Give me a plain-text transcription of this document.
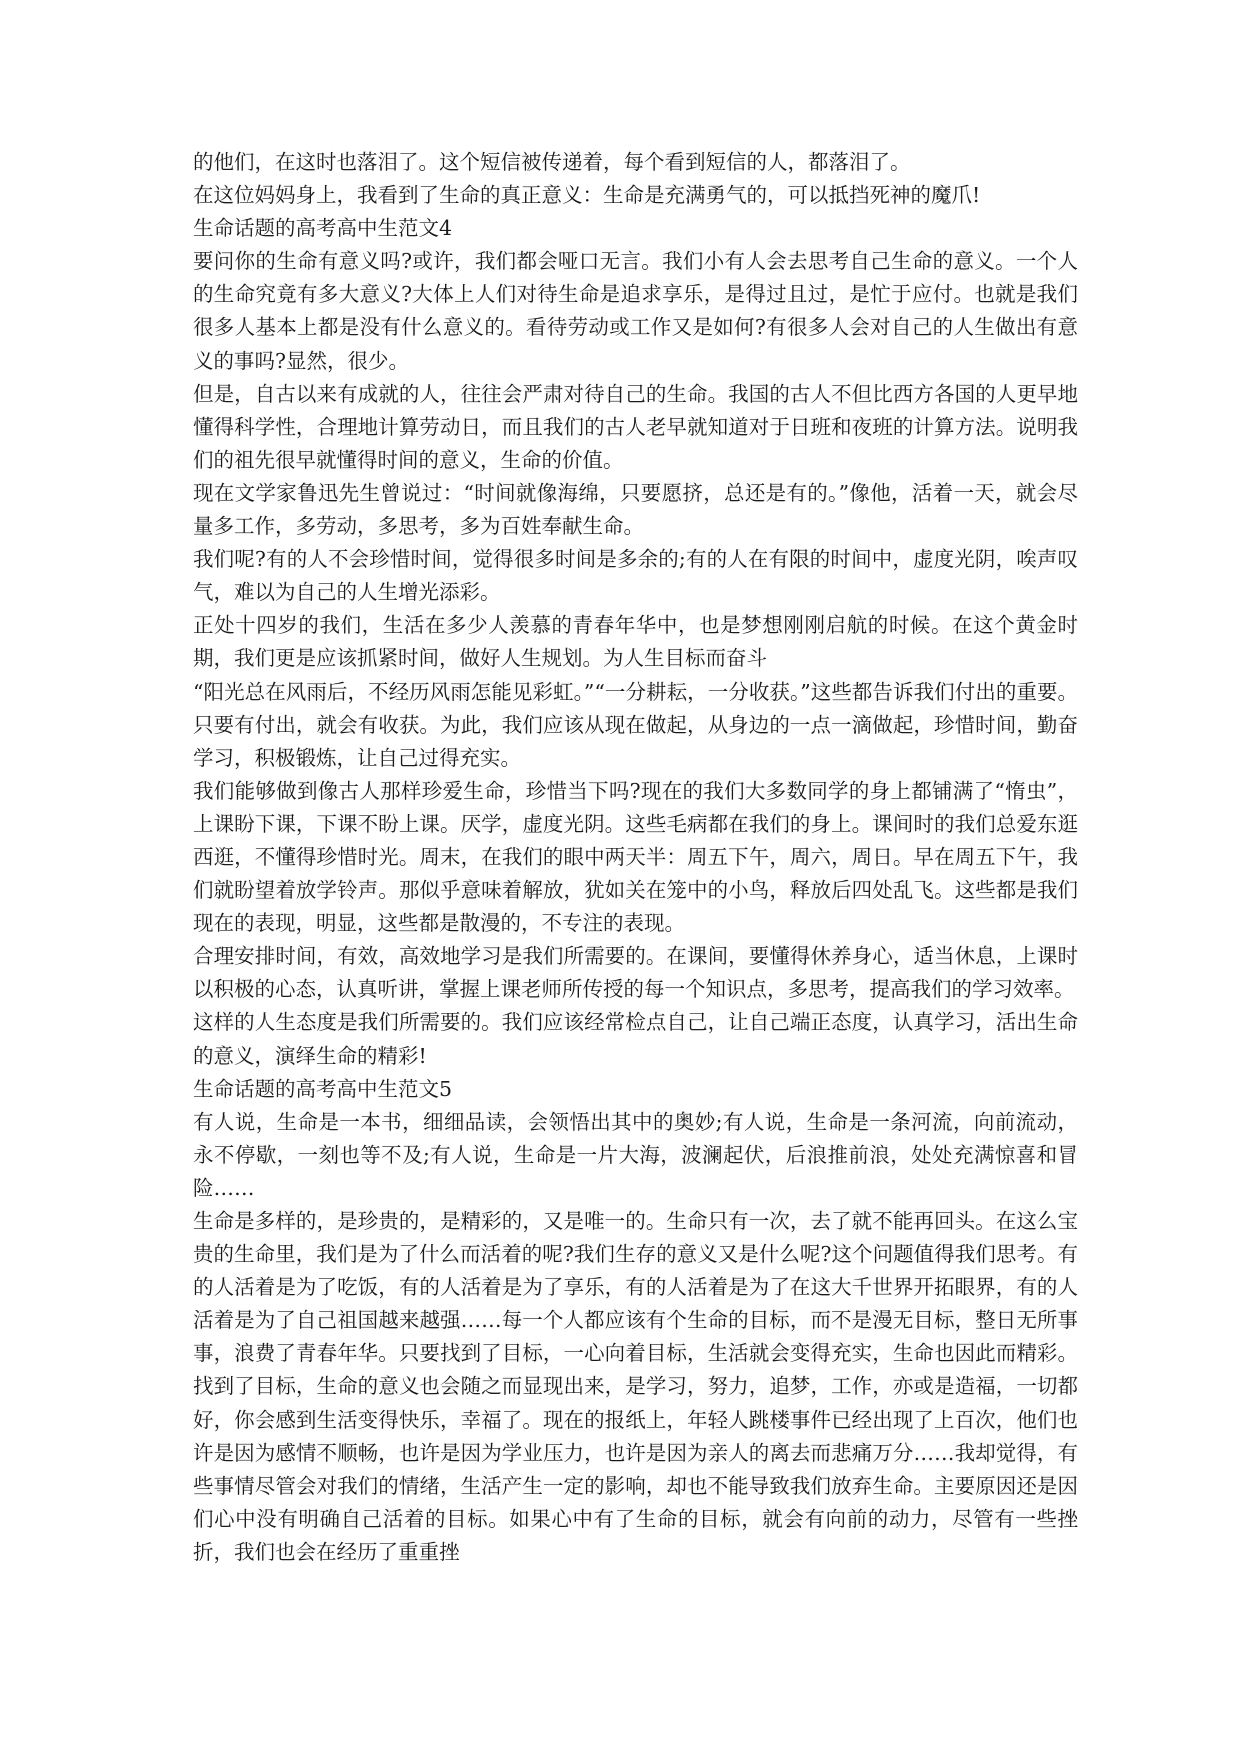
的他们，在这时也落泪了。这个短信被传递着，每个看到短信的人，都落泪了。

在这位妈妈身上，我看到了生命的真正意义：生命是充满勇气的，可以抵挡死神的魔爪!

生命话题的高考高中生范文4

要问你的生命有意义吗?或许，我们都会哑口无言。我们小有人会去思考自己生命的意义。一个人的生命究竟有多大意义?大体上人们对待生命是追求享乐，是得过且过，是忙于应付。也就是我们很多人基本上都是没有什么意义的。看待劳动或工作又是如何?有很多人会对自己的人生做出有意义的事吗?显然，很少。

但是，自古以来有成就的人，往往会严肃对待自己的生命。我国的古人不但比西方各国的人更早地懂得科学性，合理地计算劳动日，而且我们的古人老早就知道对于日班和夜班的计算方法。说明我们的祖先很早就懂得时间的意义，生命的价值。

现在文学家鲁迅先生曾说过：“时间就像海绵，只要愿挤，总还是有的。”像他，活着一天，就会尽量多工作，多劳动，多思考，多为百姓奉献生命。

我们呢?有的人不会珍惜时间，觉得很多时间是多余的;有的人在有限的时间中，虚度光阴，唉声叹气，难以为自己的人生增光添彩。

正处十四岁的我们，生活在多少人羡慕的青春年华中，也是梦想刚刚启航的时候。在这个黄金时期，我们更是应该抓紧时间，做好人生规划。为人生目标而奋斗

“阳光总在风雨后，不经历风雨怎能见彩虹。”“一分耕耘，一分收获。”这些都告诉我们付出的重要。只要有付出，就会有收获。为此，我们应该从现在做起，从身边的一点一滴做起，珍惜时间，勤奋学习，积极锻炼，让自己过得充实。

我们能够做到像古人那样珍爱生命，珍惜当下吗?现在的我们大多数同学的身上都铺满了“惰虫”，上课盼下课，下课不盼上课。厌学，虚度光阴。这些毛病都在我们的身上。课间时的我们总爱东逛西逛，不懂得珍惜时光。周末，在我们的眼中两天半：周五下午，周六，周日。早在周五下午，我们就盼望着放学铃声。那似乎意味着解放，犹如关在笼中的小鸟，释放后四处乱飞。这些都是我们现在的表现，明显，这些都是散漫的，不专注的表现。

合理安排时间，有效，高效地学习是我们所需要的。在课间，要懂得休养身心，适当休息，上课时以积极的心态，认真听讲，掌握上课老师所传授的每一个知识点，多思考，提高我们的学习效率。

这样的人生态度是我们所需要的。我们应该经常检点自己，让自己端正态度，认真学习，活出生命的意义，演绎生命的精彩!

生命话题的高考高中生范文5

有人说，生命是一本书，细细品读，会领悟出其中的奥妙;有人说，生命是一条河流，向前流动，永不停歇，一刻也等不及;有人说，生命是一片大海，波澜起伏，后浪推前浪，处处充满惊喜和冒险……

生命是多样的，是珍贵的，是精彩的，又是唯一的。生命只有一次，去了就不能再回头。在这么宝贵的生命里，我们是为了什么而活着的呢?我们生存的意义又是什么呢?这个问题值得我们思考。有的人活着是为了吃饭，有的人活着是为了享乐，有的人活着是为了在这大千世界开拓眼界，有的人活着是为了自己祖国越来越强……每一个人都应该有个生命的目标，而不是漫无目标，整日无所事事，浪费了青春年华。只要找到了目标，一心向着目标，生活就会变得充实，生命也因此而精彩。找到了目标，生命的意义也会随之而显现出来，是学习，努力，追梦，工作，亦或是造福，一切都好，你会感到生活变得快乐，幸福了。现在的报纸上，年轻人跳楼事件已经出现了上百次，他们也许是因为感情不顺畅，也许是因为学业压力，也许是因为亲人的离去而悲痛万分……我却觉得，有些事情尽管会对我们的情绪，生活产生一定的影响，却也不能导致我们放弃生命。主要原因还是因们心中没有明确自己活着的目标。如果心中有了生命的目标，就会有向前的动力，尽管有一些挫折，我们也会在经历了重重挫
